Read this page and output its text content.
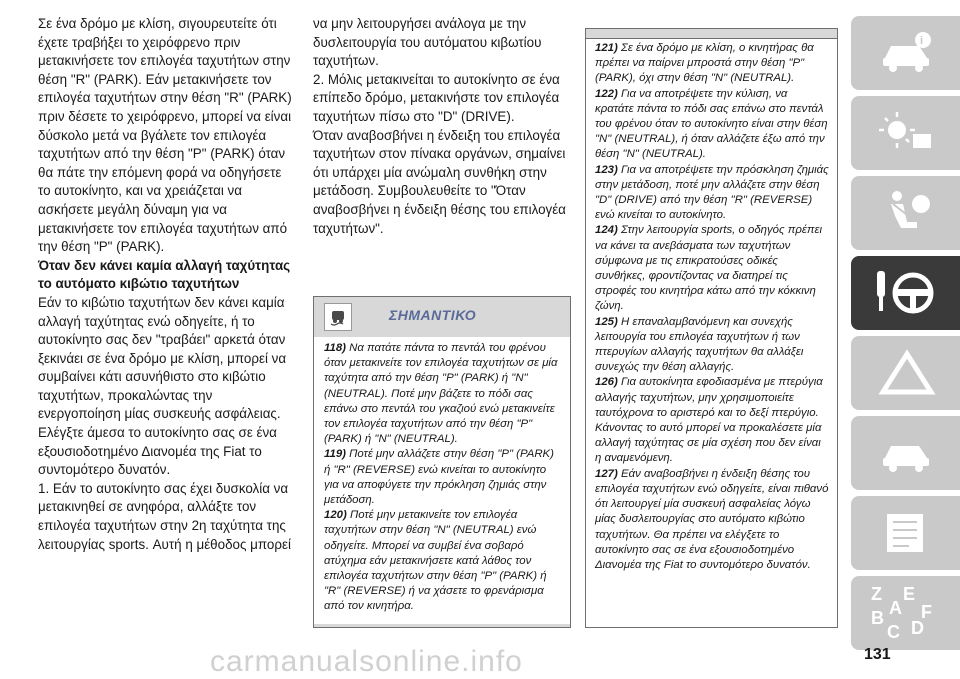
Σε ένα δρόμο με κλίση, σιγουρευτείτε ότι έχετε τραβήξει το χειρόφρενο πριν μετακινήσετε τον επιλογέα ταχυτήτων στην θέση "R" (PARK). Εάν μετακινήσετε τον επιλογέα ταχυτήτων στην θέση "R" (PARK) πριν δέσετε το χειρόφρενο, μπορεί να είναι δύσκολο μετά να βγάλετε τον επιλογέα ταχυτήτων από την θέση "P" (PARK) όταν θα πάτε την επόμενη φορά να οδηγήσετε το αυτοκίνητο, και να χρειάζεται να ασκήσετε μεγάλη δύναμη για να μετακινήσετε τον επιλογέα ταχυτήτων από την θέση "P" (PARK).

Όταν δεν κάνει καμία αλλαγή ταχύτητας το αυτόματο κιβώτιο ταχυτήτων

Εάν το κιβώτιο ταχυτήτων δεν κάνει καμία αλλαγή ταχύτητας ενώ οδηγείτε, ή το αυτοκίνητο σας δεν "τραβάει" αρκετά όταν ξεκινάει σε ένα δρόμο με κλίση, μπορεί να συμβαίνει κάτι ασυνήθιστο στο κιβώτιο ταχυτήτων, προκαλώντας την ενεργοποίηση μίας συσκευής ασφάλειας. Ελέγξτε άμεσα το αυτοκίνητο σας σε ένα εξουσιοδοτημένο Διανομέα της Fiat το συντομότερο δυνατόν.

1. Εάν το αυτοκίνητο σας έχει δυσκολία να μετακινηθεί σε ανηφόρα, αλλάξτε τον επιλογέα ταχυτήτων στην 2η ταχύτητα της λειτουργίας sports. Αυτή η μέθοδος μπορεί

να μην λειτουργήσει ανάλογα με την δυσλειτουργία του αυτόματου κιβωτίου ταχυτήτων.

2. Μόλις μετακινείται το αυτοκίνητο σε ένα επίπεδο δρόμο, μετακινήστε τον επιλογέα ταχυτήτων πίσω στο "D" (DRIVE).

Όταν αναβοσβήνει η ένδειξη του επιλογέα ταχυτήτων στον πίνακα οργάνων, σημαίνει ότι υπάρχει μία ανώμαλη συνθήκη στην μετάδοση. Συμβουλευθείτε το "Όταν αναβοσβήνει η ένδειξη θέσης του επιλογέα ταχυτήτων".

ΣΗΜΑΝΤΙΚΟ

118) Να πατάτε πάντα το πεντάλ του φρένου όταν μετακινείτε τον επιλογέα ταχυτήτων σε μία ταχύτητα από την θέση "P" (PARK) ή "N" (NEUTRAL). Ποτέ μην βάζετε το πόδι σας επάνω στο πεντάλ του γκαζιού ενώ μετακινείτε τον επιλογέα ταχυτήτων από την θέση "P" (PARK) ή "N" (NEUTRAL).

119) Ποτέ μην αλλάζετε στην θέση "P" (PARK) ή "R" (REVERSE) ενώ κινείται το αυτοκίνητο για να αποφύγετε την πρόκληση ζημιάς στην μετάδοση.

120) Ποτέ μην μετακινείτε τον επιλογέα ταχυτήτων στην θέση "N" (NEUTRAL) ενώ οδηγείτε. Μπορεί να συμβεί ένα σοβαρό ατύχημα εάν μετακινήσετε κατά λάθος τον επιλογέα ταχυτήτων στην θέση "P" (PARK) ή "R" (REVERSE) ή να χάσετε το φρενάρισμα από τον κινητήρα.

121) Σε ένα δρόμο με κλίση, ο κινητήρας θα πρέπει να παίρνει μπροστά στην θέση "P" (PARK), όχι στην θέση "N" (NEUTRAL).

122) Για να αποτρέψετε την κύλιση, να κρατάτε πάντα το πόδι σας επάνω στο πεντάλ του φρένου όταν το αυτοκίνητο είναι στην θέση "N" (NEUTRAL), ή όταν αλλάζετε έξω από την θέση "N" (NEUTRAL).

123) Για να αποτρέψετε την πρόσκληση ζημιάς στην μετάδοση, ποτέ μην αλλάζετε στην θέση "D" (DRIVE) από την θέση "R" (REVERSE) ενώ κινείται το αυτοκίνητο.

124) Στην λειτουργία sports, ο οδηγός πρέπει να κάνει τα ανεβάσματα των ταχυτήτων σύμφωνα με τις επικρατούσες οδικές συνθήκες, φροντίζοντας να διατηρεί τις στροφές του κινητήρα κάτω από την κόκκινη ζώνη.

125) Η επαναλαμβανόμενη και συνεχής λειτουργία του επιλογέα ταχυτήτων ή των πτερυγίων αλλαγής ταχυτήτων θα αλλάξει συνεχώς την θέση αλλαγής.

126) Για αυτοκίνητα εφοδιασμένα με πτερύγια αλλαγής ταχυτήτων, μην χρησιμοποιείτε ταυτόχρονα το αριστερό και το δεξί πτερύγιο. Κάνοντας το αυτό μπορεί να προκαλέσετε μία αλλαγή ταχύτητας σε μία σχέση που δεν είναι η αναμενόμενη.

127) Εάν αναβοσβήνει η ένδειξη θέσης του επιλογέα ταχυτήτων ενώ οδηγείτε, είναι πιθανό ότι λειτουργεί μία συσκευή ασφαλείας λόγω μίας δυσλειτουργίας στο αυτόματο κιβώτιο ταχυτήτων. Θα πρέπει να ελέγξετε το αυτοκίνητο σας σε ένα εξουσιοδοτημένο Διανομέα της Fiat το συντομότερο δυνατόν.

i
Z E
B
C D
A F
carmanualsonline.info	131
